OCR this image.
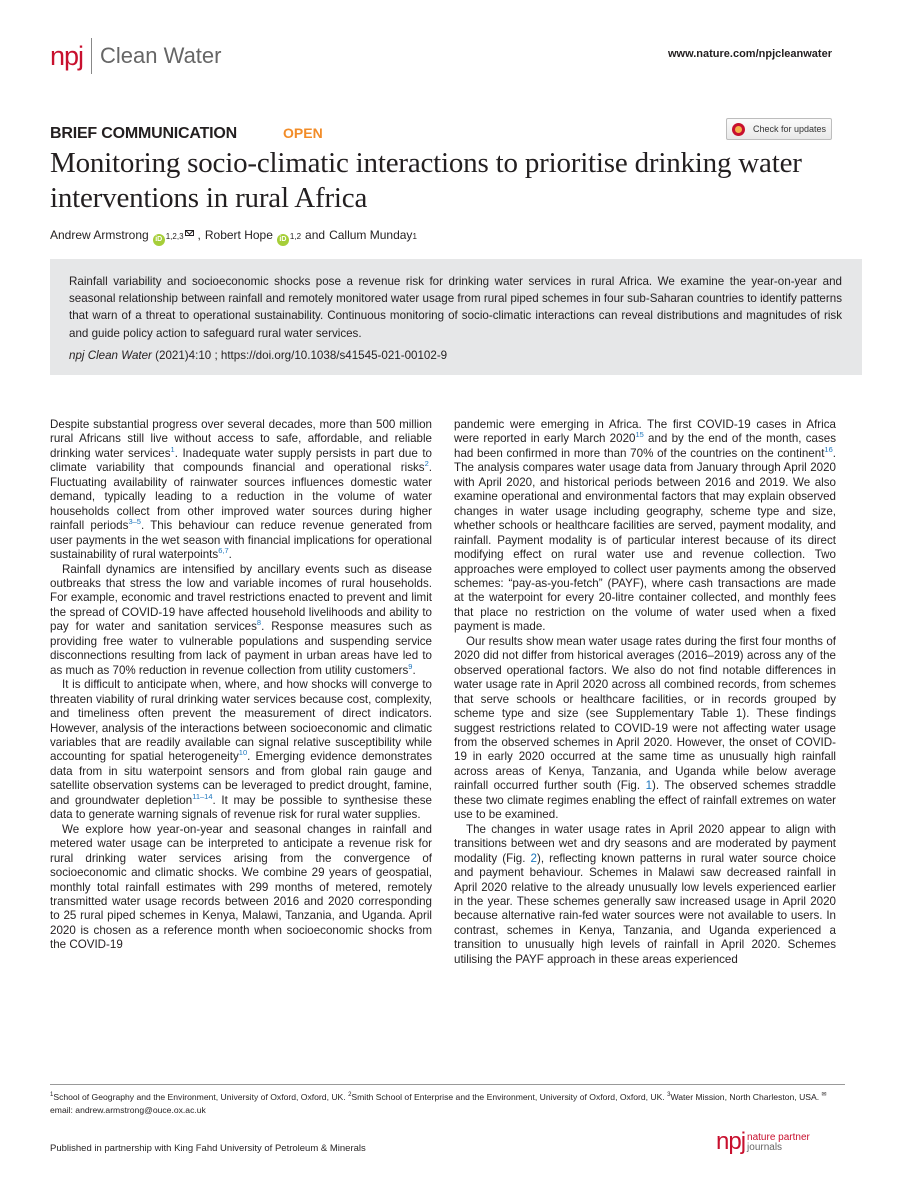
npj Clean Water	www.nature.com/npjcleanwater
BRIEF COMMUNICATION	OPEN	Check for updates
Monitoring socio-climatic interactions to prioritise drinking water interventions in rural Africa
Andrew Armstrong iD 1,2,3 , Robert Hope iD 1,2 and Callum Munday 1

Rainfall variability and socioeconomic shocks pose a revenue risk for drinking water services in rural Africa. We examine the year-on-year and seasonal relationship between rainfall and remotely monitored water usage from rural piped schemes in four sub-Saharan countries to identify patterns that warn of a threat to operational sustainability. Continuous monitoring of socio-climatic interactions can reveal distributions and magnitudes of risk and guide policy action to safeguard rural water services.

npj Clean Water (2021)4:10 ; https://doi.org/10.1038/s41545-021-00102-9

Despite substantial progress over several decades, more than 500 million rural Africans still live without access to safe, affordable, and reliable drinking water services$^1$. Inadequate water supply persists in part due to climate variability that compounds financial and operational risks$^2$. Fluctuating availability of rainwater sources influences domestic water demand, typically leading to a reduction in the volume of water households collect from other improved water sources during higher rainfall periods$^{3-5}$. This behaviour can reduce revenue generated from user payments in the wet season with financial implications for operational sustainability of rural waterpoints$^{6,7}$.

Rainfall dynamics are intensified by ancillary events such as disease outbreaks that stress the low and variable incomes of rural households. For example, economic and travel restrictions enacted to prevent and limit the spread of COVID-19 have affected household livelihoods and ability to pay for water and sanitation services$^8$. Response measures such as providing free water to vulnerable populations and suspending service disconnections resulting from lack of payment in urban areas have led to as much as 70% reduction in revenue collection from utility customers$^9$.

It is difficult to anticipate when, where, and how shocks will converge to threaten viability of rural drinking water services because cost, complexity, and timeliness often prevent the measurement of direct indicators. However, analysis of the interactions between socioeconomic and climatic variables that are readily available can signal relative susceptibility while accounting for spatial heterogeneity$^{10}$. Emerging evidence demonstrates data from in situ waterpoint sensors and from global rain gauge and satellite observation systems can be leveraged to predict drought, famine, and groundwater depletion$^{11-14}$. It may be possible to synthesise these data to generate warning signals of revenue risk for rural water supplies.

We explore how year-on-year and seasonal changes in rainfall and metered water usage can be interpreted to anticipate a revenue risk for rural drinking water services arising from the convergence of socioeconomic and climatic shocks. We combine 29 years of geospatial, monthly total rainfall estimates with 299 months of metered, remotely transmitted water usage records between 2016 and 2020 corresponding to 25 rural piped schemes in Kenya, Malawi, Tanzania, and Uganda. April 2020 is chosen as a reference month when socioeconomic shocks from the COVID-19

pandemic were emerging in Africa. The first COVID-19 cases in Africa were reported in early March 2020$^{15}$ and by the end of the month, cases had been confirmed in more than 70% of the countries on the continent$^{16}$. The analysis compares water usage data from January through April 2020 with April 2020, and historical periods between 2016 and 2019. We also examine operational and environmental factors that may explain observed changes in water usage including geography, scheme type and size, whether schools or healthcare facilities are served, payment modality, and rainfall. Payment modality is of particular interest because of its direct modifying effect on rural water use and revenue collection. Two approaches were employed to collect user payments among the observed schemes: “pay-as-you-fetch” (PAYF), where cash transactions are made at the waterpoint for every 20-litre container collected, and monthly fees that place no restriction on the volume of water used when a fixed payment is made.

Our results show mean water usage rates during the first four months of 2020 did not differ from historical averages (2016–2019) across any of the observed operational factors. We also do not find notable differences in water usage rate in April 2020 across all combined records, from schemes that serve schools or healthcare facilities, or in records grouped by scheme type and size (see Supplementary Table 1). These findings suggest restrictions related to COVID-19 were not affecting water usage from the observed schemes in April 2020. However, the onset of COVID-19 in early 2020 occurred at the same time as unusually high rainfall across areas of Kenya, Tanzania, and Uganda while below average rainfall occurred further south (Fig. 1). The observed schemes straddle these two climate regimes enabling the effect of rainfall extremes on water use to be examined.

The changes in water usage rates in April 2020 appear to align with transitions between wet and dry seasons and are moderated by payment modality (Fig. 2), reflecting known patterns in rural water source choice and payment behaviour. Schemes in Malawi saw decreased rainfall in April 2020 relative to the already unusually low levels experienced earlier in the year. These schemes generally saw increased usage in April 2020 because alternative rain-fed water sources were not available to users. In contrast, schemes in Kenya, Tanzania, and Uganda experienced a transition to unusually high levels of rainfall in April 2020. Schemes utilising the PAYF approach in these areas experienced

$^1$School of Geography and the Environment, University of Oxford, Oxford, UK. $^2$Smith School of Enterprise and the Environment, University of Oxford, Oxford, UK. $^3$Water Mission, North Charleston, USA. ✉email: andrew.armstrong@ouce.ox.ac.uk
Published in partnership with King Fahd University of Petroleum & Minerals	npj nature partner
journals
